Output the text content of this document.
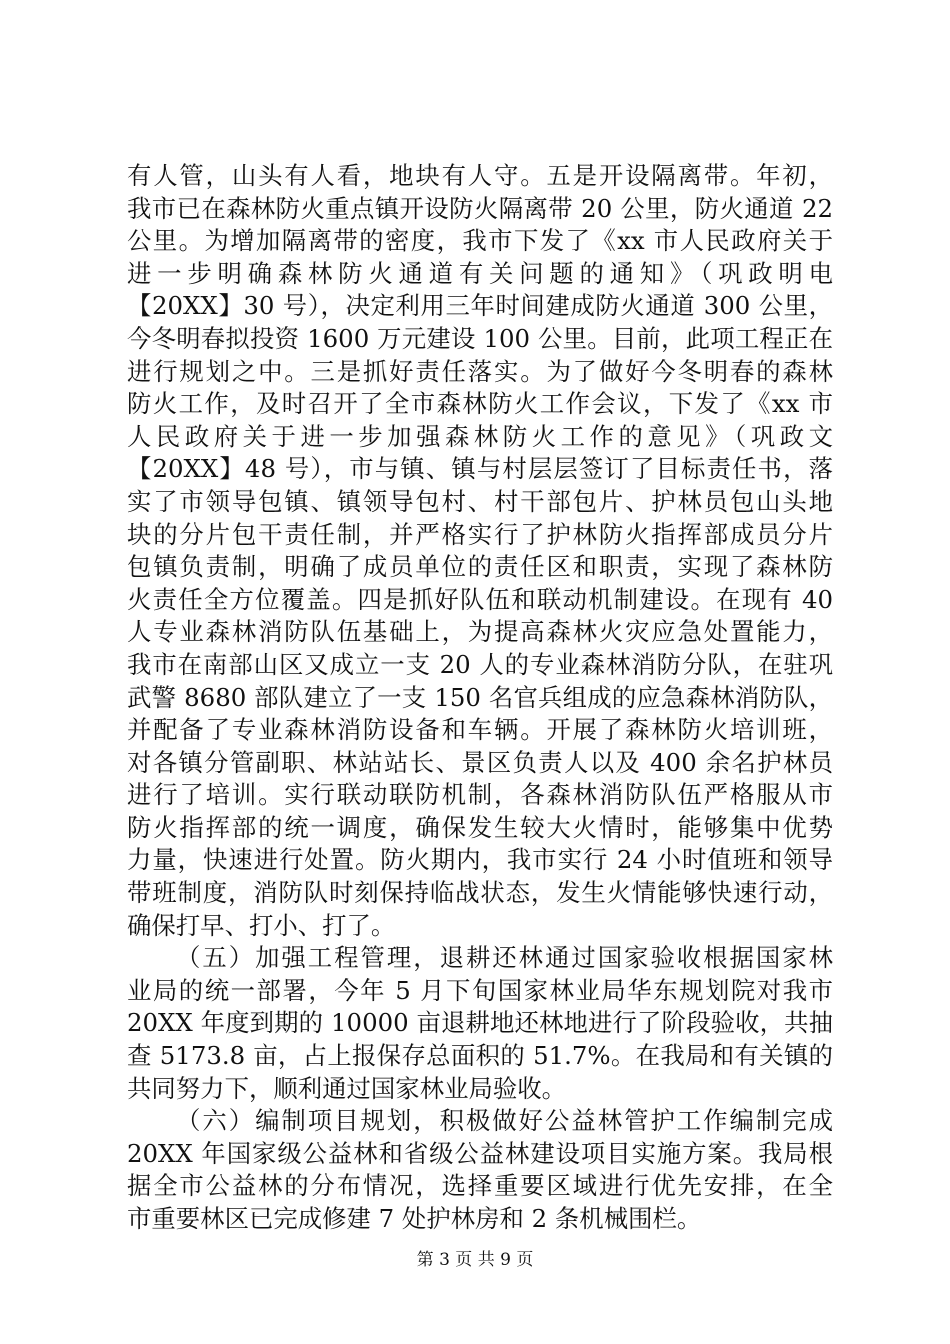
有人管，山头有人看，地块有人守。五是开设隔离带。年初，
我市已在森林防火重点镇开设防火隔离带 20 公里，防火通道 22
公里。为增加隔离带的密度，我市下发了《xx 市人民政府关于
进一步明确森林防火通道有关问题的通知》（巩政明电
【20XX】30 号），决定利用三年时间建成防火通道 300 公里，
今冬明春拟投资 1600 万元建设 100 公里。目前，此项工程正在
进行规划之中。三是抓好责任落实。为了做好今冬明春的森林
防火工作，及时召开了全市森林防火工作会议，下发了《xx 市
人民政府关于进一步加强森林防火工作的意见》（巩政文
【20XX】48 号），市与镇、镇与村层层签订了目标责任书，落
实了市领导包镇、镇领导包村、村干部包片、护林员包山头地
块的分片包干责任制，并严格实行了护林防火指挥部成员分片
包镇负责制，明确了成员单位的责任区和职责，实现了森林防
火责任全方位覆盖。四是抓好队伍和联动机制建设。在现有 40
人专业森林消防队伍基础上，为提高森林火灾应急处置能力，
我市在南部山区又成立一支 20 人的专业森林消防分队，在驻巩
武警 8680 部队建立了一支 150 名官兵组成的应急森林消防队，
并配备了专业森林消防设备和车辆。开展了森林防火培训班，
对各镇分管副职、林站站长、景区负责人以及 400 余名护林员
进行了培训。实行联动联防机制，各森林消防队伍严格服从市
防火指挥部的统一调度，确保发生较大火情时，能够集中优势
力量，快速进行处置。防火期内，我市实行 24 小时值班和领导
带班制度，消防队时刻保持临战状态，发生火情能够快速行动，
确保打早、打小、打了。

（五）加强工程管理，退耕还林通过国家验收根据国家林
业局的统一部署，今年 5 月下旬国家林业局华东规划院对我市
20XX 年度到期的 10000 亩退耕地还林地进行了阶段验收，共抽
查 5173.8 亩，占上报保存总面积的 51.7%。在我局和有关镇的
共同努力下，顺利通过国家林业局验收。

（六）编制项目规划，积极做好公益林管护工作编制完成
20XX 年国家级公益林和省级公益林建设项目实施方案。我局根
据全市公益林的分布情况，选择重要区域进行优先安排，在全
市重要林区已完成修建 7 处护林房和 2 条机械围栏。

第 3 页 共 9 页
